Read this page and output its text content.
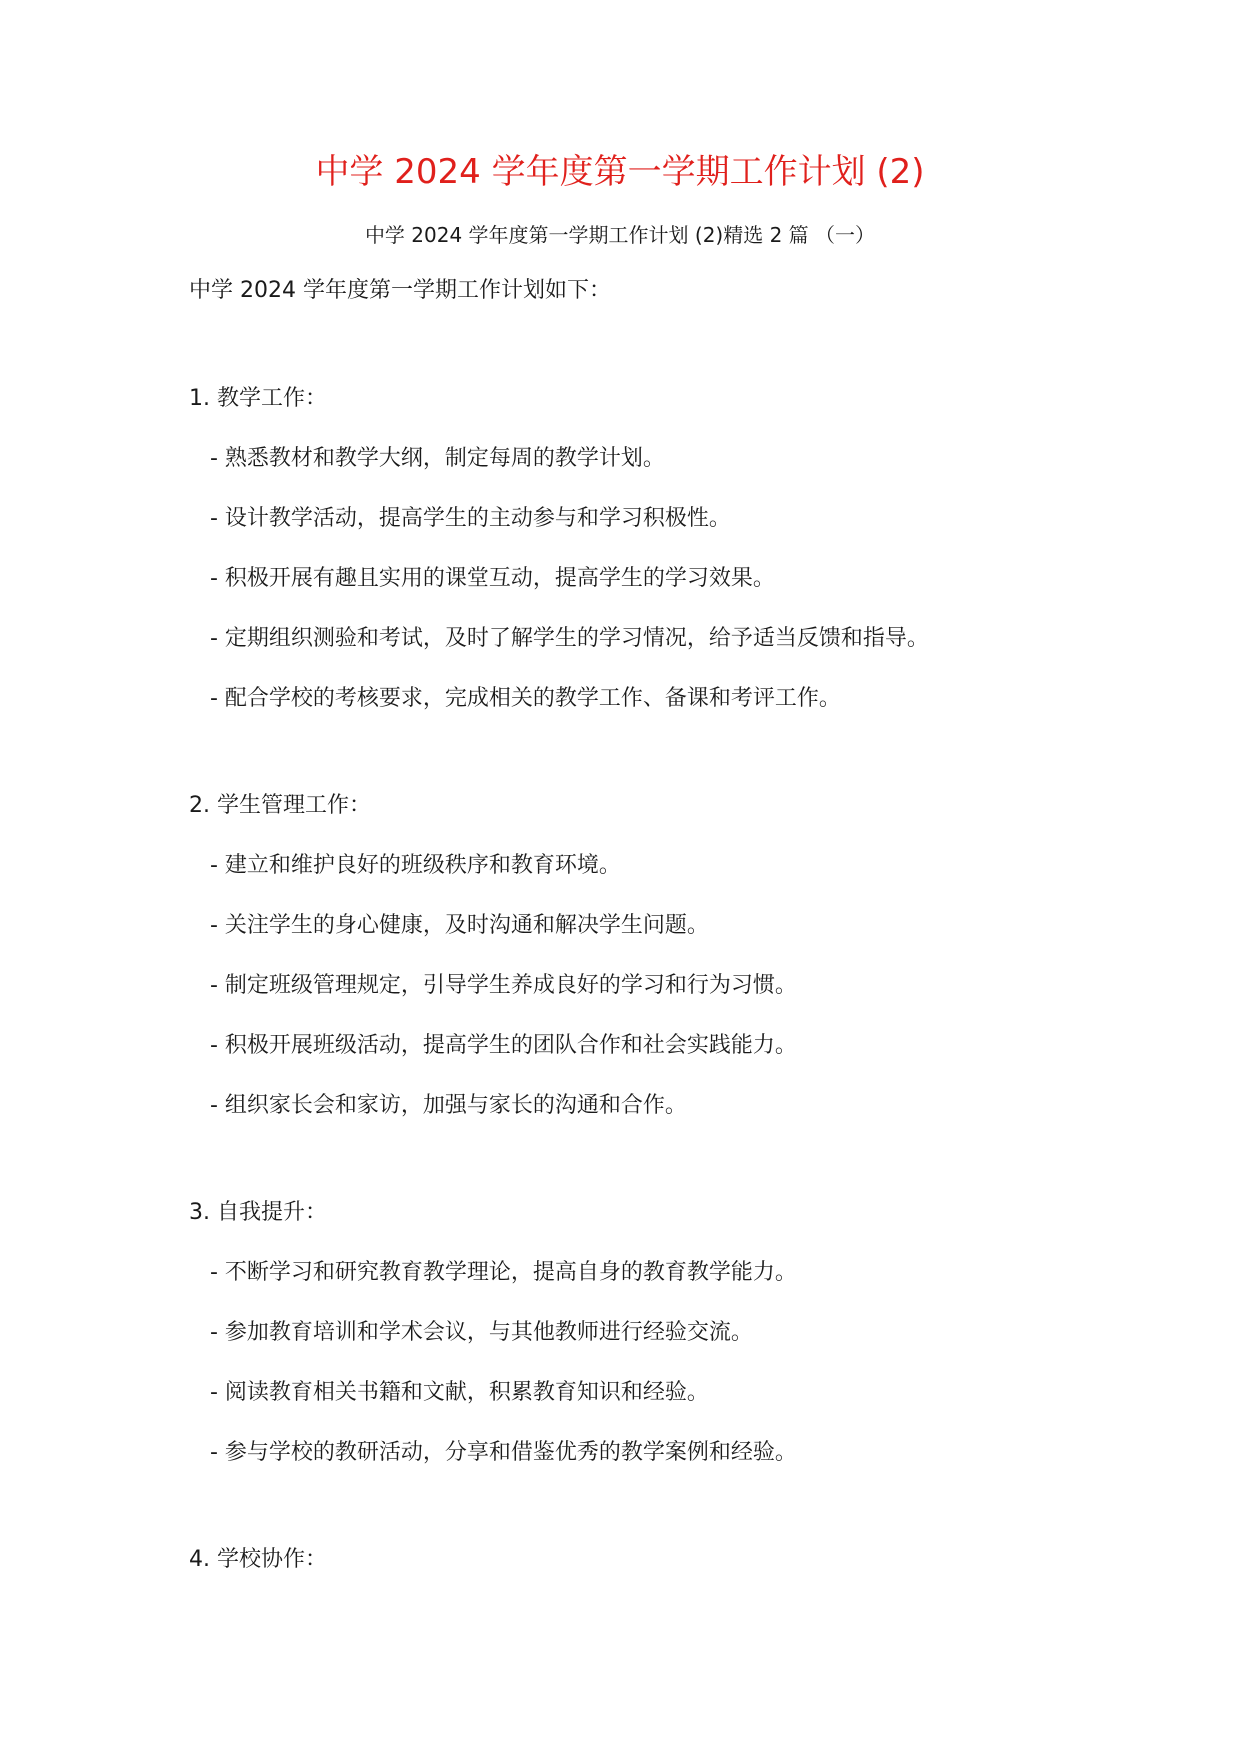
中学 2024 学年度第一学期工作计划 (2)

中学 2024 学年度第一学期工作计划 (2)精选 2 篇 （一）

中学 2024 学年度第一学期工作计划如下：

1. 教学工作：

- 熟悉教材和教学大纲，制定每周的教学计划。

- 设计教学活动，提高学生的主动参与和学习积极性。

- 积极开展有趣且实用的课堂互动，提高学生的学习效果。

- 定期组织测验和考试，及时了解学生的学习情况，给予适当反馈和指导。

- 配合学校的考核要求，完成相关的教学工作、备课和考评工作。

2. 学生管理工作：

- 建立和维护良好的班级秩序和教育环境。

- 关注学生的身心健康，及时沟通和解决学生问题。

- 制定班级管理规定，引导学生养成良好的学习和行为习惯。

- 积极开展班级活动，提高学生的团队合作和社会实践能力。

- 组织家长会和家访，加强与家长的沟通和合作。

3. 自我提升：

- 不断学习和研究教育教学理论，提高自身的教育教学能力。

- 参加教育培训和学术会议，与其他教师进行经验交流。

- 阅读教育相关书籍和文献，积累教育知识和经验。

- 参与学校的教研活动，分享和借鉴优秀的教学案例和经验。

4. 学校协作：
